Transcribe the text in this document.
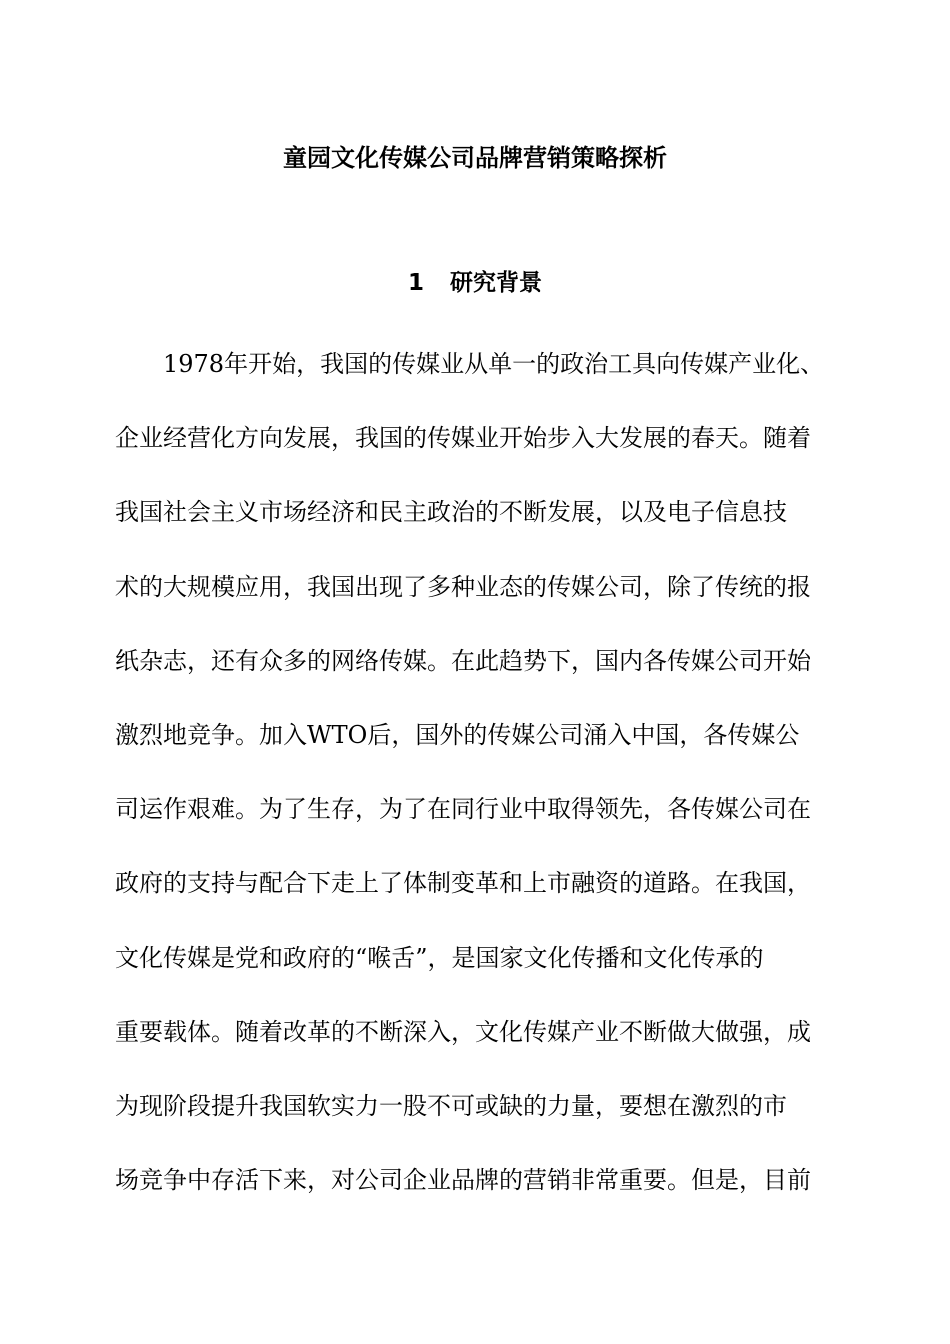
童园文化传媒公司品牌营销策略探析
1 研究背景
1978年开始，我国的传媒业从单一的政治工具向传媒产业化、
企业经营化方向发展，我国的传媒业开始步入大发展的春天。随着
我国社会主义市场经济和民主政治的不断发展，以及电子信息技
术的大规模应用，我国出现了多种业态的传媒公司，除了传统的报
纸杂志，还有众多的网络传媒。在此趋势下，国内各传媒公司开始
激烈地竞争。加入WTO后，国外的传媒公司涌入中国，各传媒公
司运作艰难。为了生存，为了在同行业中取得领先，各传媒公司在
政府的支持与配合下走上了体制变革和上市融资的道路。在我国，
文化传媒是党和政府的“喉舌”，是国家文化传播和文化传承的
重要载体。随着改革的不断深入，文化传媒产业不断做大做强，成
为现阶段提升我国软实力一股不可或缺的力量，要想在激烈的市
场竞争中存活下来，对公司企业品牌的营销非常重要。但是，目前
